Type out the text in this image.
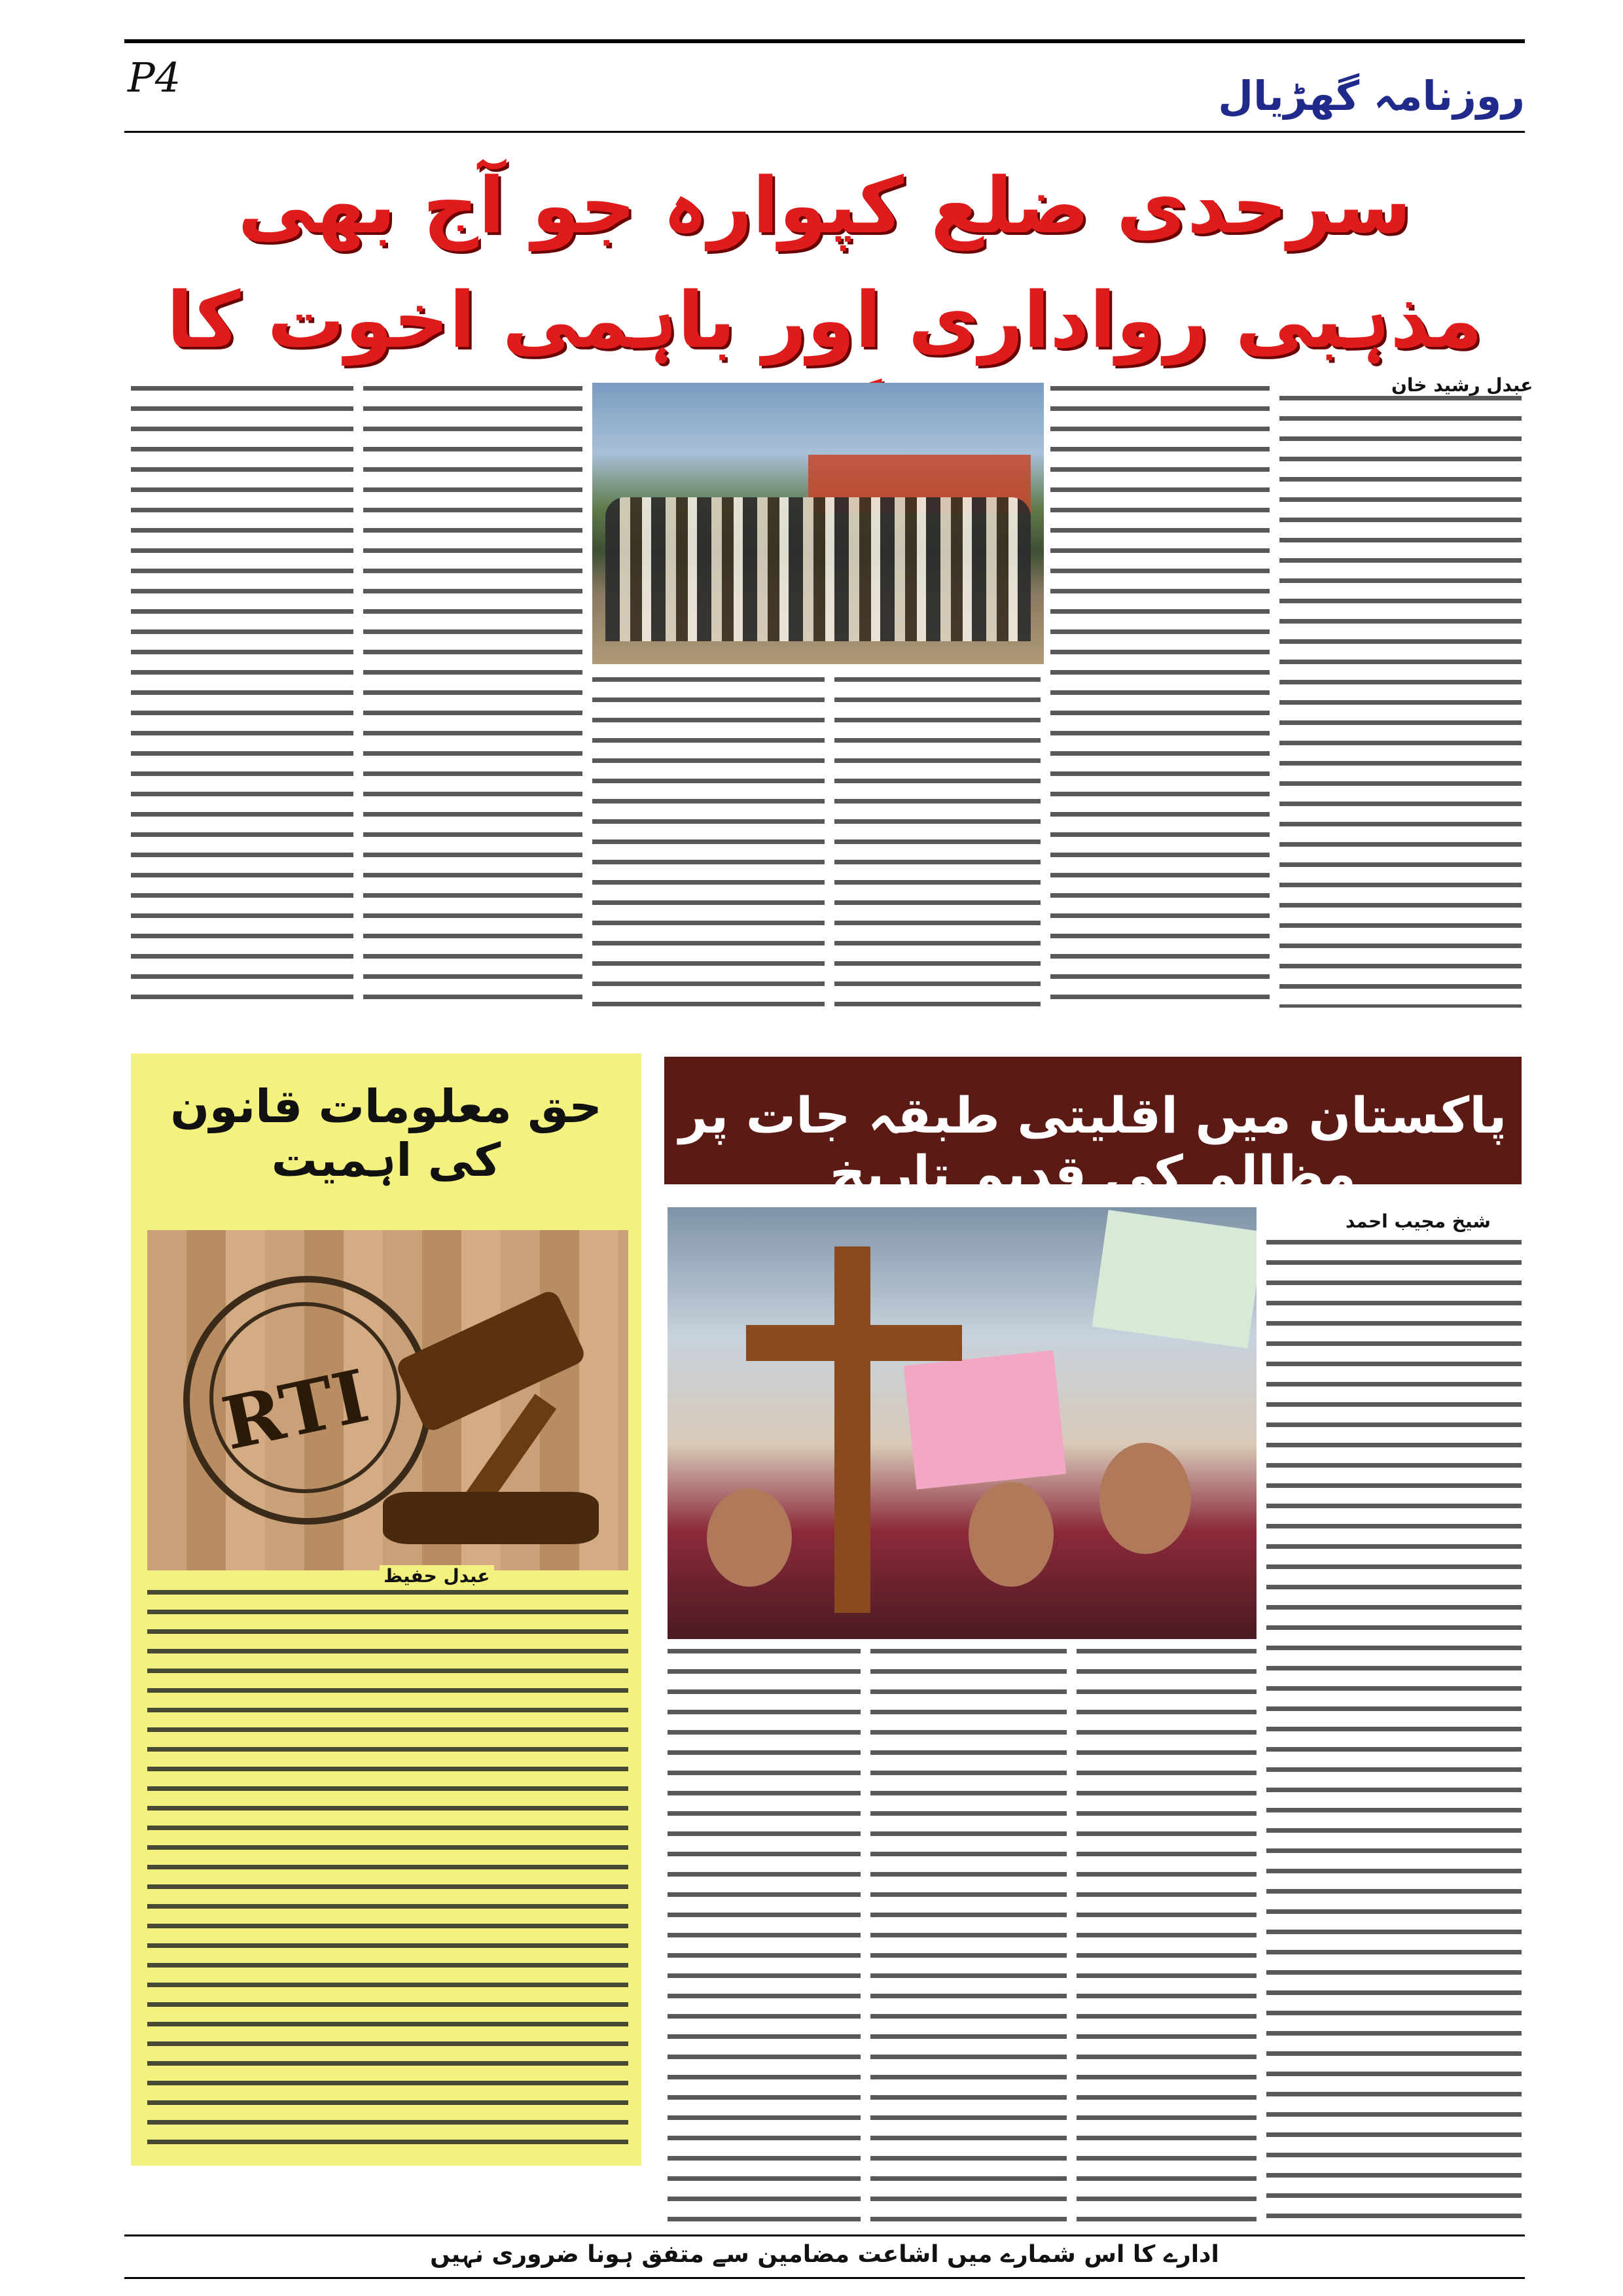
P4	روزنامہ گھڑیال
سرحدی ضلع کپوارہ جو آج بھی
مذہبی رواداری اور باہمی اخوت کا
عبدل رشید خان
حق معلومات قانون کی اہمیت
RTI
عبدل حفیظ
پاکستان میں اقلیتی طبقہ جات پر مظالم کی قدیم تاریخ
شیخ مجیب احمد
ادارے کا اس شمارے میں اشاعت مضامین سے متفق ہونا ضروری نہیں
